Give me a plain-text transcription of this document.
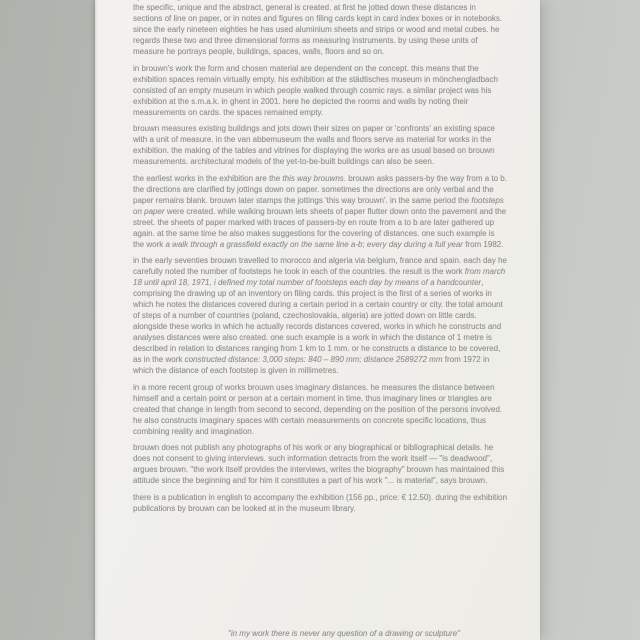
the specific, unique and the abstract, general is created. at first he jotted down these distances in sections of line on paper, or in notes and figures on filing cards kept in card index boxes or in notebooks. since the early nineteen eighties he has used aluminium sheets and strips or wood and metal cubes. he regards these two and three dimensional forms as measuring instruments. by using these units of measure he portrays people, buildings, spaces, walls, floors and so on.

in brouwn's work the form and chosen material are dependent on the concept. this means that the exhibition spaces remain virtually empty. his exhibition at the städtisches museum in mönchengladbach consisted of an empty museum in which people walked through cosmic rays. a similar project was his exhibition at the s.m.a.k. in ghent in 2001. here he depicted the rooms and walls by noting their measurements on cards. the spaces remained empty.

brouwn measures existing buildings and jots down their sizes on paper or 'confronts' an existing space with a unit of measure. in the van abbemuseum the walls and floors serve as material for works in the exhibition. the making of the tables and vitrines for displaying the works are as usual based on brouwn measurements. architectural models of the yet-to-be-built buildings can also be seen.

the earliest works in the exhibition are the this way brouwns. brouwn asks passers-by the way from a to b. the directions are clarified by jottings down on paper. sometimes the directions are only verbal and the paper remains blank. brouwn later stamps the jottings 'this way brouwn'. in the same period the footsteps on paper were created. while walking brouwn lets sheets of paper flutter down onto the pavement and the street. the sheets of paper marked with traces of passers-by en route from a to b are later gathered up again. at the same time he also makes suggestions for the covering of distances. one such example is the work a walk through a grassfield exactly on the same line a-b; every day during a full year from 1982.

in the early seventies brouwn travelled to morocco and algeria via belgium, france and spain. each day he carefully noted the number of footsteps he took in each of the countries. the result is the work from march 18 until april 18, 1971, i defined my total number of footsteps each day by means of a handcounter, comprising the drawing up of an inventory on filing cards. this project is the first of a series of works in which he notes the distances covered during a certain period in a certain country or city. the total amount of steps of a number of countries (poland, czechoslovakia, algeria) are jotted down on little cards. alongside these works in which he actually records distances covered, works in which he constructs and analyses distances were also created. one such example is a work in which the distance of 1 metre is described in relation to distances ranging from 1 km to 1 mm. or he constructs a distance to be covered, as in the work constructed distance: 3,000 steps: 840 – 890 mm; distance 2589272 mm from 1972 in which the distance of each footstep is given in millimetres.

in a more recent group of works brouwn uses imaginary distances. he measures the distance between himself and a certain point or person at a certain moment in time. thus imaginary lines or triangles are created that change in length from second to second, depending on the position of the persons involved. he also constructs imaginary spaces with certain measurements on concrete specific locations, thus combining reality and imagination.

brouwn does not publish any photographs of his work or any biographical or bibliographical details. he does not consent to giving interviews. such information detracts from the work itself — "is deadwood", argues brouwn. "the work itself provides the interviews, writes the biography" brouwn has maintained this attitude since the beginning and for him it constitutes a part of his work "... is material", says brouwn.

there is a publication in english to accompany the exhibition (156 pp., price: € 12.50). during the exhibition publications by brouwn can be looked at in the museum library.

"in my work there is never any question of a drawing or sculpture"
